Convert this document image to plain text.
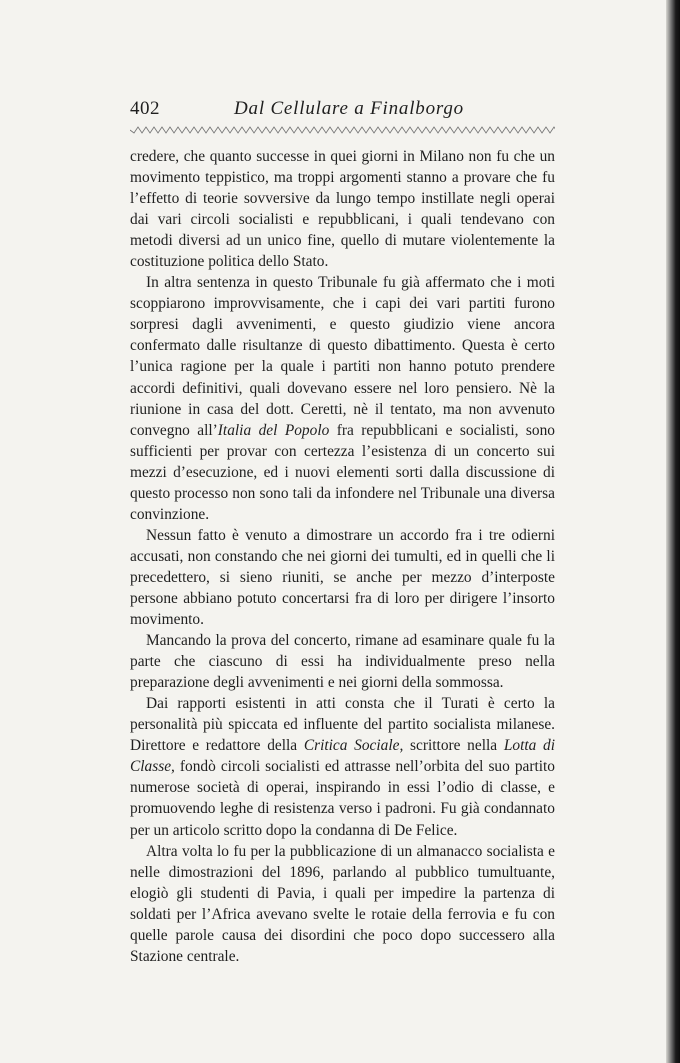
402	Dal Cellulare a Finalborgo

credere, che quanto successe in quei giorni in Milano non fu che un movimento teppistico, ma troppi argomenti stanno a provare che fu l’effetto di teorie sovversive da lungo tempo instillate negli operai dai vari circoli socialisti e repubblicani, i quali tendevano con metodi diversi ad un unico fine, quello di mutare violentemente la costituzione politica dello Stato.

In altra sentenza in questo Tribunale fu già affermato che i moti scoppiarono improvvisamente, che i capi dei vari partiti furono sorpresi dagli avvenimenti, e questo giudizio viene ancora confermato dalle risultanze di questo dibattimento. Questa è certo l’unica ragione per la quale i partiti non hanno potuto prendere accordi definitivi, quali dovevano essere nel loro pensiero. Nè la riunione in casa del dott. Ceretti, nè il tentato, ma non avvenuto convegno all’Italia del Popolo fra repubblicani e socialisti, sono sufficienti per provar con certezza l’esistenza di un concerto sui mezzi d’esecuzione, ed i nuovi elementi sorti dalla discussione di questo processo non sono tali da infondere nel Tribunale una diversa convinzione.

Nessun fatto è venuto a dimostrare un accordo fra i tre odierni accusati, non constando che nei giorni dei tumulti, ed in quelli che li precedettero, si sieno riuniti, se anche per mezzo d’interposte persone abbiano potuto concertarsi fra di loro per dirigere l’insorto movimento.

Mancando la prova del concerto, rimane ad esaminare quale fu la parte che ciascuno di essi ha individualmente preso nella preparazione degli avvenimenti e nei giorni della sommossa.

Dai rapporti esistenti in atti consta che il Turati è certo la personalità più spiccata ed influente del partito socialista milanese. Direttore e redattore della Critica Sociale, scrittore nella Lotta di Classe, fondò circoli socialisti ed attrasse nell’orbita del suo partito numerose società di operai, inspirando in essi l’odio di classe, e promuovendo leghe di resistenza verso i padroni. Fu già condannato per un articolo scritto dopo la condanna di De Felice.

Altra volta lo fu per la pubblicazione di un almanacco socialista e nelle dimostrazioni del 1896, parlando al pubblico tumultuante, elogiò gli studenti di Pavia, i quali per impedire la partenza di soldati per l’Africa avevano svelte le rotaie della ferrovia e fu con quelle parole causa dei disordini che poco dopo successero alla Stazione centrale.
